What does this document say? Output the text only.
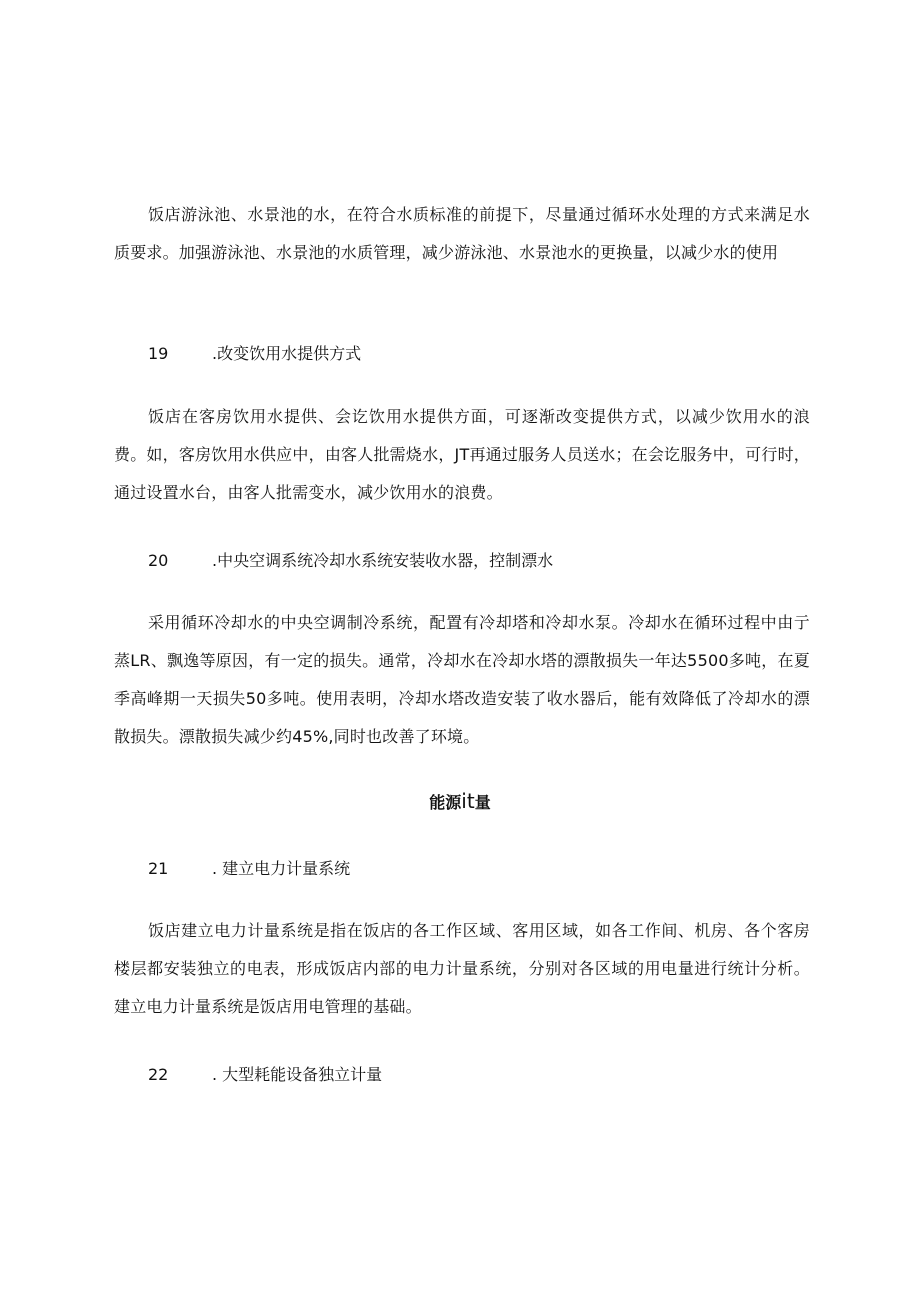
饭店游泳池、水景池的水，在符合水质标准的前提下，尽量通过循环水处理的方式来满足水质要求。加强游泳池、水景池的水质管理，减少游泳池、水景池水的更换量，以减少水的使用

19	.改变饮用水提供方式

饭店在客房饮用水提供、会讫饮用水提供方面，可逐渐改变提供方式，以减少饮用水的浪费。如，客房饮用水供应中，由客人批需烧水，JT再通过服务人员送水；在会讫服务中，可行时，通过设置水台，由客人批需变水，减少饮用水的浪费。

20	.中央空调系统冷却水系统安装收水器，控制漂水

采用循环冷却水的中央空调制冷系统，配置有冷却塔和冷却水泵。冷却水在循环过程中由亍蒸LR、飘逸等原因，有一定的损失。通常，冷却水在冷却水塔的漂散损失一年达5500多吨，在夏季高峰期一天损失50多吨。使用表明，冷却水塔改造安装了收水器后，能有效降低了冷却水的漂散损失。漂散损失减少约45%,同时也改善了环境。

能源it量

21	. 建立电力计量系统

饭店建立电力计量系统是指在饭店的各工作区域、客用区域，如各工作间、机房、各个客房楼层都安装独立的电表，形成饭店内部的电力计量系统，分别对各区域的用电量进行统计分析。建立电力计量系统是饭店用电管理的基础。

22	. 大型耗能设备独立计量
